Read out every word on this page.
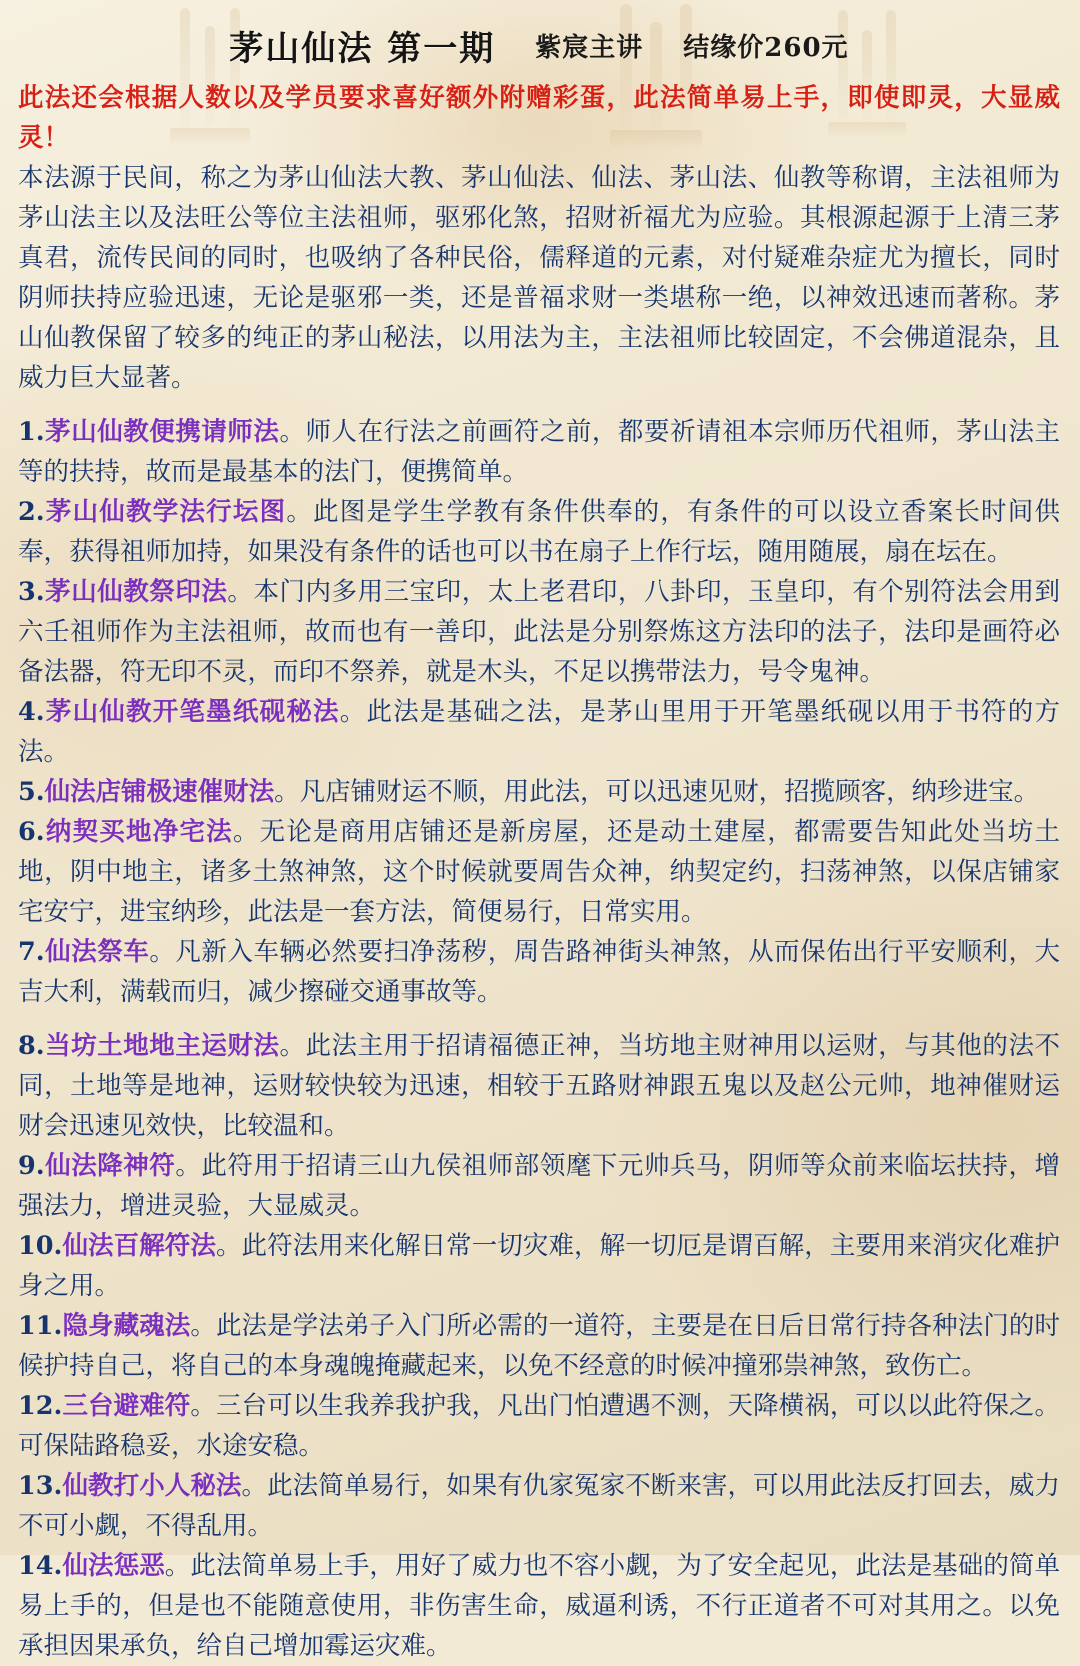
茅山仙法 第一期 紫宸主讲 结缘价260元

此法还会根据人数以及学员要求喜好额外附赠彩蛋，此法简单易上手，即使即灵，大显威灵！

本法源于民间，称之为茅山仙法大教、茅山仙法、仙法、茅山法、仙教等称谓，主法祖师为茅山法主以及法旺公等位主法祖师，驱邪化煞，招财祈福尤为应验。其根源起源于上清三茅真君，流传民间的同时，也吸纳了各种民俗，儒释道的元素，对付疑难杂症尤为擅长，同时阴师扶持应验迅速，无论是驱邪一类，还是普福求财一类堪称一绝，以神效迅速而著称。茅山仙教保留了较多的纯正的茅山秘法，以用法为主，主法祖师比较固定，不会佛道混杂，且威力巨大显著。

1.茅山仙教便携请师法。师人在行法之前画符之前，都要祈请祖本宗师历代祖师，茅山法主等的扶持，故而是最基本的法门，便携简单。

2.茅山仙教学法行坛图。此图是学生学教有条件供奉的，有条件的可以设立香案长时间供奉，获得祖师加持，如果没有条件的话也可以书在扇子上作行坛，随用随展，扇在坛在。

3.茅山仙教祭印法。本门内多用三宝印，太上老君印，八卦印，玉皇印，有个别符法会用到六壬祖师作为主法祖师，故而也有一善印，此法是分别祭炼这方法印的法子，法印是画符必备法器，符无印不灵，而印不祭养，就是木头，不足以携带法力，号令鬼神。

4.茅山仙教开笔墨纸砚秘法。此法是基础之法，是茅山里用于开笔墨纸砚以用于书符的方法。

5.仙法店铺极速催财法。凡店铺财运不顺，用此法，可以迅速见财，招揽顾客，纳珍进宝。

6.纳契买地净宅法。无论是商用店铺还是新房屋，还是动土建屋，都需要告知此处当坊土地，阴中地主，诸多土煞神煞，这个时候就要周告众神，纳契定约，扫荡神煞，以保店铺家宅安宁，进宝纳珍，此法是一套方法，简便易行，日常实用。

7.仙法祭车。凡新入车辆必然要扫净荡秽，周告路神街头神煞，从而保佑出行平安顺利，大吉大利，满载而归，减少擦碰交通事故等。

8.当坊土地地主运财法。此法主用于招请福德正神，当坊地主财神用以运财，与其他的法不同，土地等是地神，运财较快较为迅速，相较于五路财神跟五鬼以及赵公元帅，地神催财运财会迅速见效快，比较温和。

9.仙法降神符。此符用于招请三山九侯祖师部领麾下元帅兵马，阴师等众前来临坛扶持，增强法力，增进灵验，大显威灵。

10.仙法百解符法。此符法用来化解日常一切灾难，解一切厄是谓百解，主要用来消灾化难护身之用。

11.隐身藏魂法。此法是学法弟子入门所必需的一道符，主要是在日后日常行持各种法门的时候护持自己，将自己的本身魂魄掩藏起来，以免不经意的时候冲撞邪祟神煞，致伤亡。

12.三台避难符。三台可以生我养我护我，凡出门怕遭遇不测，天降横祸，可以以此符保之。可保陆路稳妥，水途安稳。

13.仙教打小人秘法。此法简单易行，如果有仇家冤家不断来害，可以用此法反打回去，威力不可小觑，不得乱用。

14.仙法惩恶。此法简单易上手，用好了威力也不容小觑，为了安全起见，此法是基础的简单易上手的，但是也不能随意使用，非伤害生命，威逼利诱，不行正道者不可对其用之。以免承担因果承负，给自己增加霉运灾难。
